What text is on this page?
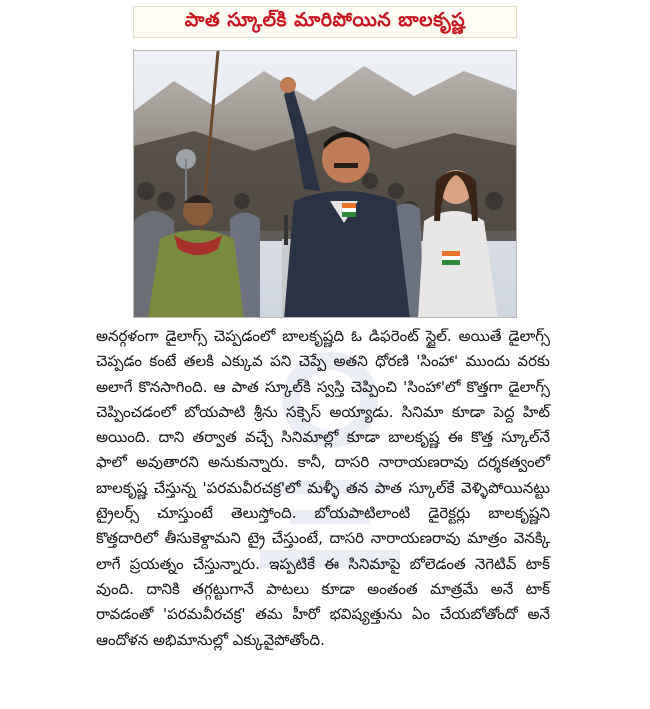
పాత స్కూల్‌కి మారిపోయిన బాలకృష్ణ

అనర్గళంగా డైలాగ్స్ చెప్పడంలో బాలకృష్ణది ఓ డిఫరెంట్ స్టైల్. అయితే డైలాగ్స్ చెప్పడం కంటే తలకి ఎక్కువ పని చెప్పే అతని ధోరణి 'సింహా' ముందు వరకు అలాగే కొనసాగింది. ఆ పాత స్కూల్‌కి స్వస్తి చెప్పించి 'సింహా'లో కొత్తగా డైలాగ్స్ చెప్పించడంలో బోయపాటి శ్రీను సక్సెస్ అయ్యాడు. సినిమా కూడా పెద్ద హిట్ అయింది. దాని తర్వాత వచ్చే సినిమాల్లో కూడా బాలకృష్ణ ఈ కొత్త స్కూల్‌నే ఫాలో అవుతారని అనుకున్నారు. కానీ, దాసరి నారాయణరావు దర్శకత్వంలో బాలకృష్ణ చేస్తున్న 'పరమవీరచక్ర'లో మళ్ళీ తన పాత స్కూల్‌కే వెళ్ళిపోయినట్టు ట్రైలర్స్ చూస్తుంటే తెలుస్తోంది. బోయపాటిలాంటి డైరెక్టర్లు బాలకృష్ణని కొత్తదారిలో తీసుకెళ్దామని ట్రై చేస్తుంటే, దాసరి నారాయణరావు మాత్రం వెనక్కి లాగే ప్రయత్నం చేస్తున్నారు. ఇప్పటికే ఈ సినిమాపై బోలెడంత నెగెటివ్ టాక్ వుంది. దానికి తగ్గట్టుగానే పాటలు కూడా అంతంత మాత్రమే అనే టాక్ రావడంతో 'పరమవీరచక్ర' తమ హీరో భవిష్యత్తును ఏం చేయబోతోందో అనే ఆందోళన అభిమానుల్లో ఎక్కువైపోతోంది.
